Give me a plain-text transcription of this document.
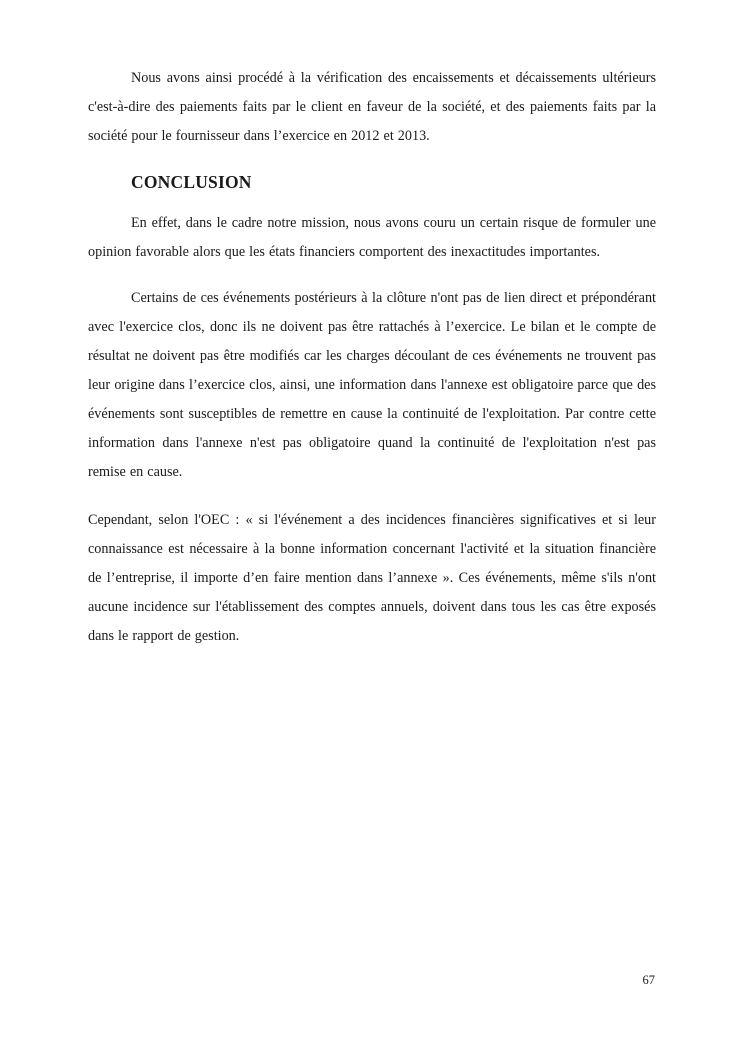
Nous avons ainsi procédé à la vérification des encaissements et décaissements ultérieurs c'est-à-dire des paiements faits par le client en faveur de la société, et des paiements faits par la société pour le fournisseur dans l’exercice en 2012 et 2013.

CONCLUSION

En effet, dans le cadre notre mission, nous avons couru un certain risque de formuler une opinion favorable alors que les états financiers comportent des inexactitudes importantes.

Certains de ces événements postérieurs à la clôture n'ont pas de lien direct et prépondérant avec l'exercice clos, donc ils ne doivent pas être rattachés à l’exercice. Le bilan et le compte de résultat ne doivent pas être modifiés car les charges découlant de ces événements ne trouvent pas leur origine dans l’exercice clos, ainsi, une information dans l'annexe est obligatoire parce que des événements sont susceptibles de remettre en cause la continuité de l'exploitation. Par contre cette information dans l'annexe n'est pas obligatoire quand la continuité de l'exploitation n'est pas remise en cause.

Cependant, selon l'OEC : « si l'événement a des incidences financières significatives et si leur connaissance est nécessaire à la bonne information concernant l'activité et la situation financière de l’entreprise, il importe d’en faire mention dans l’annexe ». Ces événements, même s'ils n'ont aucune incidence sur l'établissement des comptes annuels, doivent dans tous les cas être exposés dans le rapport de gestion.

67
